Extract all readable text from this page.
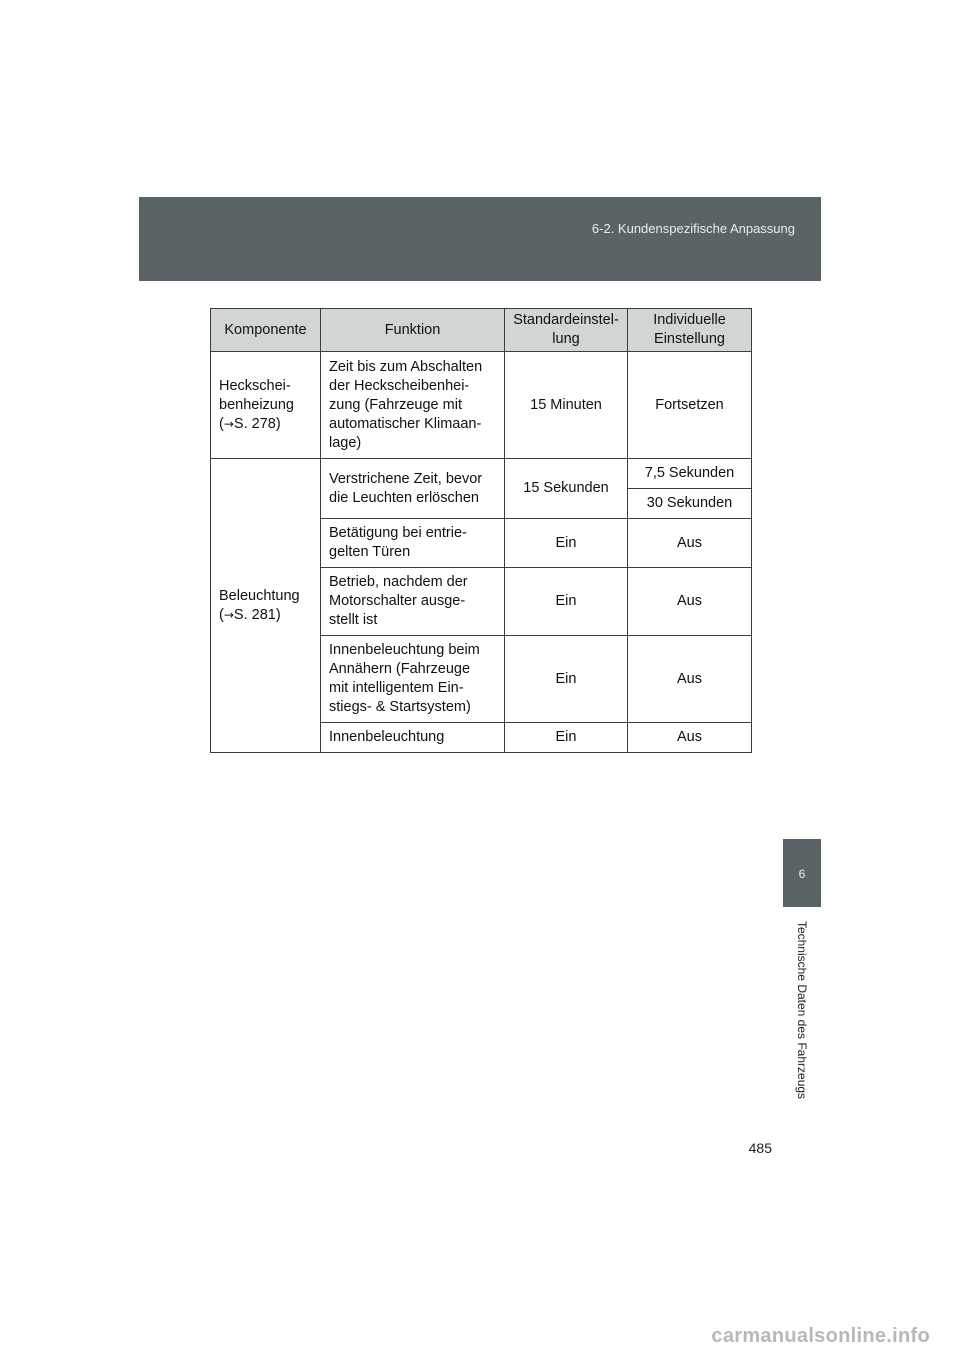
6-2. Kundenspezifische Anpassung
Komponente	Funktion	Standardeinstel-
lung	Individuelle
Einstellung
Heckschei-
benheizung
(→S. 278)	Zeit bis zum Abschalten
der Heckscheibenhei-
zung (Fahrzeuge mit
automatischer Klimaan-
lage)	15 Minuten	Fortsetzen
Beleuchtung
(→S. 281)	Verstrichene Zeit, bevor
die Leuchten erlöschen	15 Sekunden	7,5 Sekunden
			30 Sekunden
	Betätigung bei entrie-
gelten Türen	Ein	Aus
	Betrieb, nachdem der
Motorschalter ausge-
stellt ist	Ein	Aus
	Innenbeleuchtung beim
Annähern (Fahrzeuge
mit intelligentem Ein-
stiegs- & Startsystem)	Ein	Aus
	Innenbeleuchtung	Ein	Aus
6
Technische Daten des Fahrzeugs
485
carmanualsonline.info
